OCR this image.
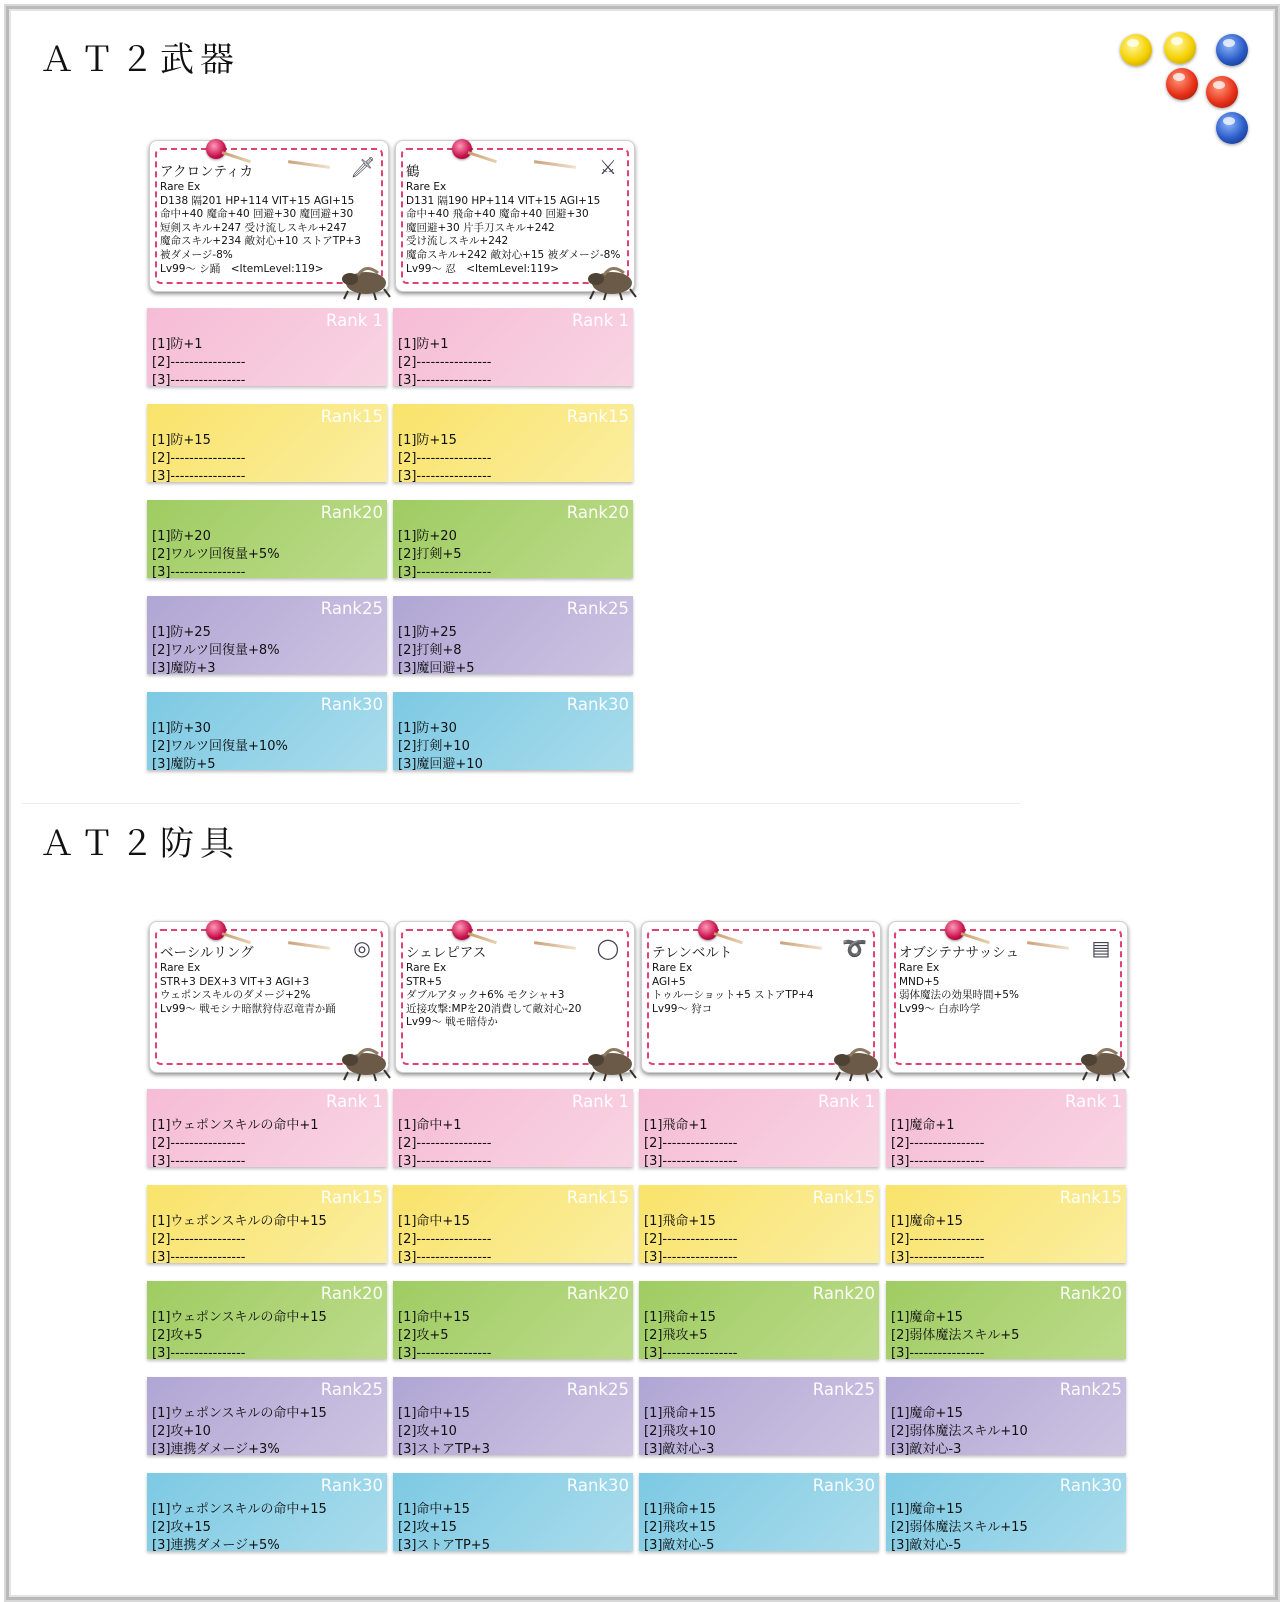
ＡＴ２武器
ＡＴ２防具
🗡
アクロンティカ
Rare Ex
D138 隔201 HP+114 VIT+15 AGI+15
命中+40 魔命+40 回避+30 魔回避+30
短剣スキル+247 受け流しスキル+247
魔命スキル+234 敵対心+10 ストアTP+3
被ダメージ-8%
Lv99～ シ踊　<ItemLevel:119>
Rank 1
[1]防+1
[2]----------------
[3]----------------
Rank15
[1]防+15
[2]----------------
[3]----------------
Rank20
[1]防+20
[2]ワルツ回復量+5%
[3]----------------
Rank25
[1]防+25
[2]ワルツ回復量+8%
[3]魔防+3
Rank30
[1]防+30
[2]ワルツ回復量+10%
[3]魔防+5
⚔
鶴
Rare Ex
D131 隔190 HP+114 VIT+15 AGI+15
命中+40 飛命+40 魔命+40 回避+30
魔回避+30 片手刀スキル+242
受け流しスキル+242
魔命スキル+242 敵対心+15 被ダメージ-8%
Lv99～ 忍　<ItemLevel:119>
Rank 1
[1]防+1
[2]----------------
[3]----------------
Rank15
[1]防+15
[2]----------------
[3]----------------
Rank20
[1]防+20
[2]打剣+5
[3]----------------
Rank25
[1]防+25
[2]打剣+8
[3]魔回避+5
Rank30
[1]防+30
[2]打剣+10
[3]魔回避+10
◎
ベーシルリング
Rare Ex
STR+3 DEX+3 VIT+3 AGI+3
ウェポンスキルのダメージ+2%
Lv99～ 戦モシナ暗獣狩侍忍竜青か踊
Rank 1
[1]ウェポンスキルの命中+1
[2]----------------
[3]----------------
Rank15
[1]ウェポンスキルの命中+15
[2]----------------
[3]----------------
Rank20
[1]ウェポンスキルの命中+15
[2]攻+5
[3]----------------
Rank25
[1]ウェポンスキルの命中+15
[2]攻+10
[3]連携ダメージ+3%
Rank30
[1]ウェポンスキルの命中+15
[2]攻+15
[3]連携ダメージ+5%
◯
シェレピアス
Rare Ex
STR+5
ダブルアタック+6% モクシャ+3
近接攻撃:MPを20消費して敵対心-20
Lv99～ 戦モ暗侍か
Rank 1
[1]命中+1
[2]----------------
[3]----------------
Rank15
[1]命中+15
[2]----------------
[3]----------------
Rank20
[1]命中+15
[2]攻+5
[3]----------------
Rank25
[1]命中+15
[2]攻+10
[3]ストアTP+3
Rank30
[1]命中+15
[2]攻+15
[3]ストアTP+5
➰
テレンベルト
Rare Ex
AGI+5
トゥルーショット+5 ストアTP+4
Lv99～ 狩コ
Rank 1
[1]飛命+1
[2]----------------
[3]----------------
Rank15
[1]飛命+15
[2]----------------
[3]----------------
Rank20
[1]飛命+15
[2]飛攻+5
[3]----------------
Rank25
[1]飛命+15
[2]飛攻+10
[3]敵対心-3
Rank30
[1]飛命+15
[2]飛攻+15
[3]敵対心-5
▤
オブシテナサッシュ
Rare Ex
MND+5
弱体魔法の効果時間+5%
Lv99～ 白赤吟学
Rank 1
[1]魔命+1
[2]----------------
[3]----------------
Rank15
[1]魔命+15
[2]----------------
[3]----------------
Rank20
[1]魔命+15
[2]弱体魔法スキル+5
[3]----------------
Rank25
[1]魔命+15
[2]弱体魔法スキル+10
[3]敵対心-3
Rank30
[1]魔命+15
[2]弱体魔法スキル+15
[3]敵対心-5
